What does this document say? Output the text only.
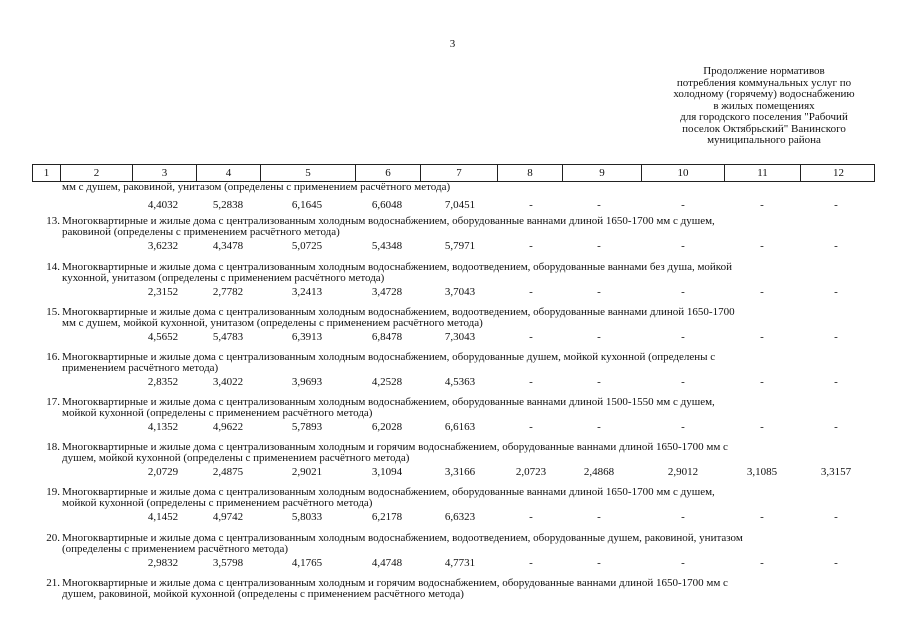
3
Продолжение нормативов
потребления коммунальных услуг по
холодному (горячему) водоснабжению
в жилых помещениях
для городского поселения "Рабочий
поселок Октябрьский" Ванинского
муниципального района
1	2	3	4	5	6	7	8	9	10	11	12
мм с душем, раковиной, унитазом (определены с применением расчётного метода)
4,4032	5,2838	6,1645	6,6048	7,0451	-	-	-	-	-
13. Многоквартирные и жилые дома с централизованным холодным водоснабжением, оборудованные ваннами длиной 1650-1700 мм с душем,
раковиной (определены с применением расчётного метода)
3,6232	4,3478	5,0725	5,4348	5,7971	-	-	-	-	-
14. Многоквартирные и жилые дома с централизованным холодным водоснабжением, водоотведением, оборудованные ваннами без душа, мойкой
кухонной, унитазом (определены с применением расчётного метода)
2,3152	2,7782	3,2413	3,4728	3,7043	-	-	-	-	-
15. Многоквартирные и жилые дома с централизованным холодным водоснабжением, водоотведением, оборудованные ваннами длиной 1650-1700
мм с душем, мойкой кухонной, унитазом (определены с применением расчётного метода)
4,5652	5,4783	6,3913	6,8478	7,3043	-	-	-	-	-
16. Многоквартирные и жилые дома с централизованным холодным водоснабжением, оборудованные душем, мойкой кухонной (определены с
применением расчётного метода)
2,8352	3,4022	3,9693	4,2528	4,5363	-	-	-	-	-
17. Многоквартирные и жилые дома с централизованным холодным водоснабжением, оборудованные ваннами длиной 1500-1550 мм с душем,
мойкой кухонной (определены с применением расчётного метода)
4,1352	4,9622	5,7893	6,2028	6,6163	-	-	-	-	-
18. Многоквартирные и жилые дома с централизованным холодным и горячим водоснабжением, оборудованные ваннами длиной 1650-1700 мм с
душем, мойкой кухонной (определены с применением расчётного метода)
2,0729	2,4875	2,9021	3,1094	3,3166	2,0723	2,4868	2,9012	3,1085	3,3157
19. Многоквартирные и жилые дома с централизованным холодным водоснабжением, оборудованные ваннами длиной 1650-1700 мм с душем,
мойкой кухонной (определены с применением расчётного метода)
4,1452	4,9742	5,8033	6,2178	6,6323	-	-	-	-	-
20. Многоквартирные и жилые дома с централизованным холодным водоснабжением, водоотведением, оборудованные душем, раковиной, унитазом
(определены с применением расчётного метода)
2,9832	3,5798	4,1765	4,4748	4,7731	-	-	-	-	-
21. Многоквартирные и жилые дома с централизованным холодным и горячим водоснабжением, оборудованные ваннами длиной 1650-1700 мм с
душем, раковиной, мойкой кухонной (определены с применением расчётного метода)
